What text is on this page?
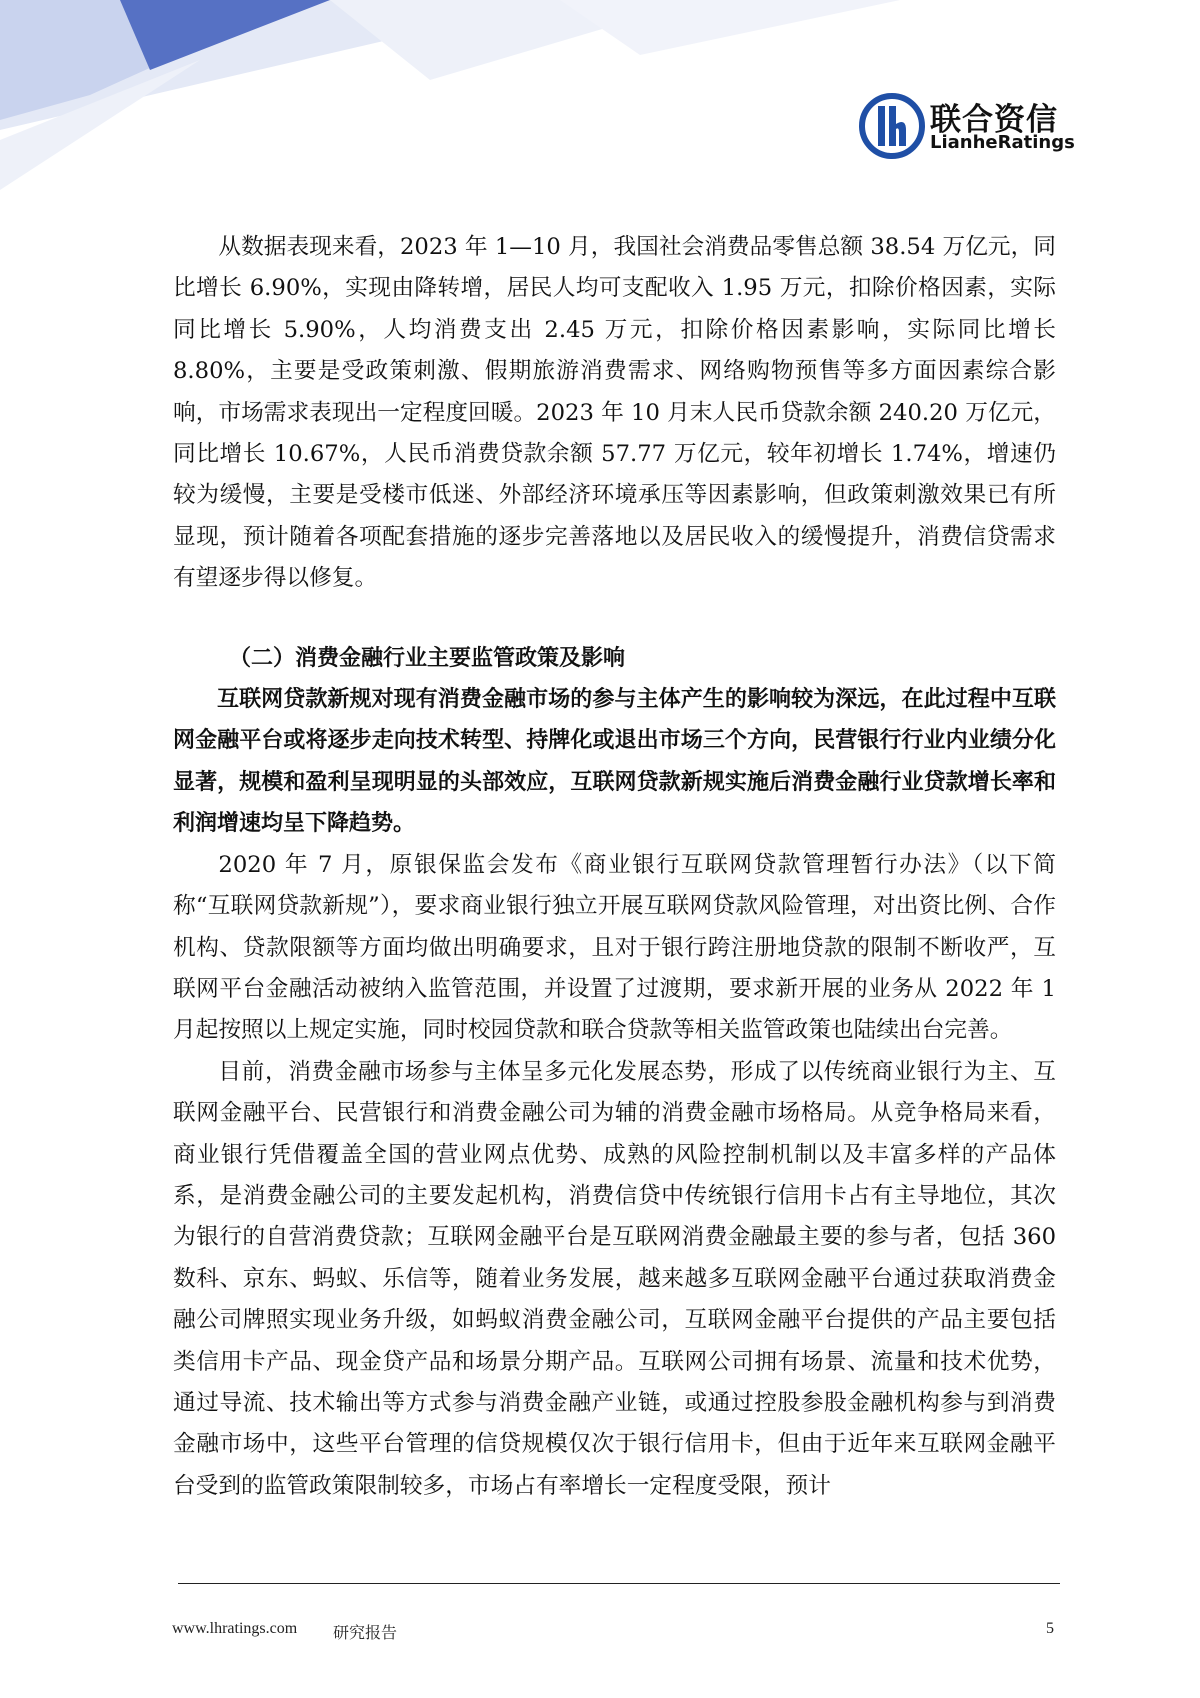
联合资信
LianheRatings

从数据表现来看，2023 年 1—10 月，我国社会消费品零售总额 38.54 万亿元，同比增长 6.90%，实现由降转增，居民人均可支配收入 1.95 万元，扣除价格因素，实际同比增长 5.90%，人均消费支出 2.45 万元，扣除价格因素影响，实际同比增长 8.80%，主要是受政策刺激、假期旅游消费需求、网络购物预售等多方面因素综合影响，市场需求表现出一定程度回暖。2023 年 10 月末人民币贷款余额 240.20 万亿元，同比增长 10.67%，人民币消费贷款余额 57.77 万亿元，较年初增长 1.74%，增速仍较为缓慢，主要是受楼市低迷、外部经济环境承压等因素影响，但政策刺激效果已有所显现，预计随着各项配套措施的逐步完善落地以及居民收入的缓慢提升，消费信贷需求有望逐步得以修复。

（二）消费金融行业主要监管政策及影响

互联网贷款新规对现有消费金融市场的参与主体产生的影响较为深远，在此过程中互联网金融平台或将逐步走向技术转型、持牌化或退出市场三个方向，民营银行行业内业绩分化显著，规模和盈利呈现明显的头部效应，互联网贷款新规实施后消费金融行业贷款增长率和利润增速均呈下降趋势。

2020 年 7 月，原银保监会发布《商业银行互联网贷款管理暂行办法》（以下简称“互联网贷款新规”），要求商业银行独立开展互联网贷款风险管理，对出资比例、合作机构、贷款限额等方面均做出明确要求，且对于银行跨注册地贷款的限制不断收严，互联网平台金融活动被纳入监管范围，并设置了过渡期，要求新开展的业务从 2022 年 1 月起按照以上规定实施，同时校园贷款和联合贷款等相关监管政策也陆续出台完善。

目前，消费金融市场参与主体呈多元化发展态势，形成了以传统商业银行为主、互联网金融平台、民营银行和消费金融公司为辅的消费金融市场格局。从竞争格局来看，商业银行凭借覆盖全国的营业网点优势、成熟的风险控制机制以及丰富多样的产品体系，是消费金融公司的主要发起机构，消费信贷中传统银行信用卡占有主导地位，其次为银行的自营消费贷款；互联网金融平台是互联网消费金融最主要的参与者，包括 360 数科、京东、蚂蚁、乐信等，随着业务发展，越来越多互联网金融平台通过获取消费金融公司牌照实现业务升级，如蚂蚁消费金融公司，互联网金融平台提供的产品主要包括类信用卡产品、现金贷产品和场景分期产品。互联网公司拥有场景、流量和技术优势，通过导流、技术输出等方式参与消费金融产业链，或通过控股参股金融机构参与到消费金融市场中，这些平台管理的信贷规模仅次于银行信用卡，但由于近年来互联网金融平台受到的监管政策限制较多，市场占有率增长一定程度受限，预计

www.lhratings.com 研究报告	5
